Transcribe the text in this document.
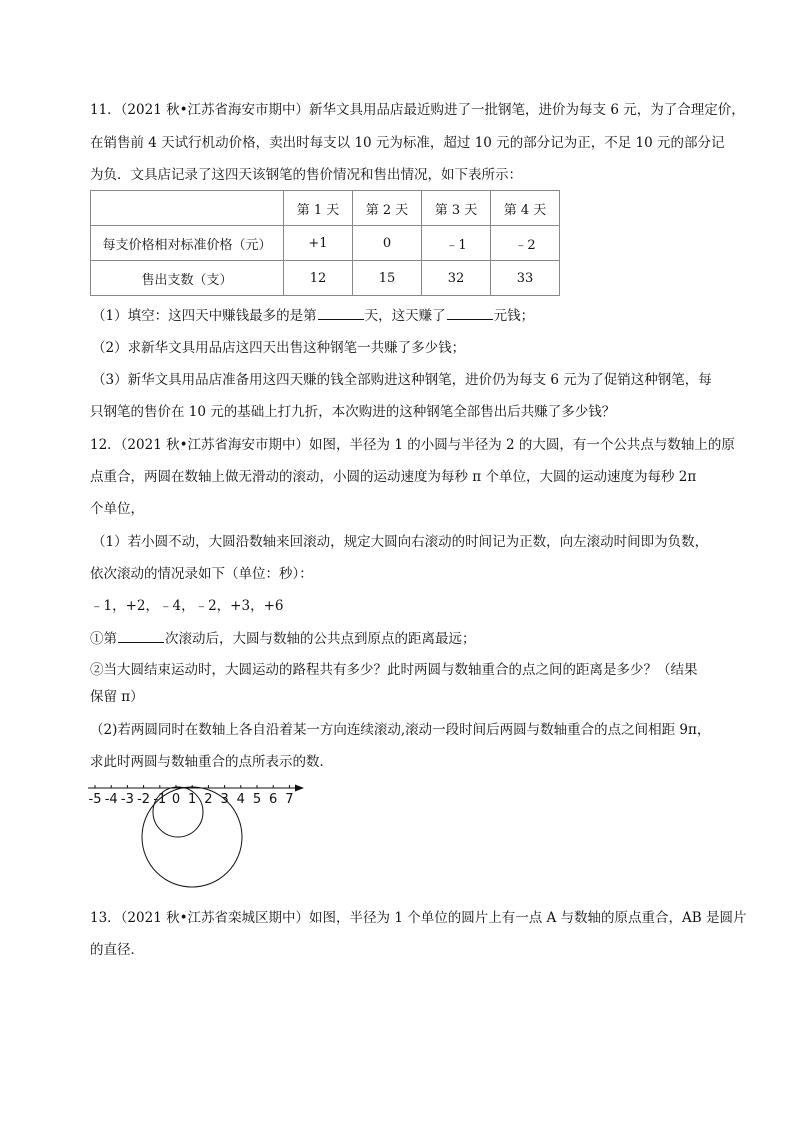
11．（2021 秋•江苏省海安市期中）新华文具用品店最近购进了一批钢笔，进价为每支 6 元，为了合理定价，
在销售前 4 天试行机动价格，卖出时每支以 10 元为标准，超过 10 元的部分记为正，不足 10 元的部分记
为负．文具店记录了这四天该钢笔的售价情况和售出情况，如下表所示：
	第 1 天	第 2 天	第 3 天	第 4 天
每支价格相对标准价格（元）	+1	0	﹣1	﹣2
售出支数（支）	12	15	32	33
（1）填空：这四天中赚钱最多的是第	天，这天赚了	元钱；
（2）求新华文具用品店这四天出售这种钢笔一共赚了多少钱；
（3）新华文具用品店准备用这四天赚的钱全部购进这种钢笔，进价仍为每支 6 元为了促销这种钢笔，每
只钢笔的售价在 10 元的基础上打九折，本次购进的这种钢笔全部售出后共赚了多少钱？
12．（2021 秋•江苏省海安市期中）如图，半径为 1 的小圆与半径为 2 的大圆，有一个公共点与数轴上的原
点重合，两圆在数轴上做无滑动的滚动，小圆的运动速度为每秒 π 个单位，大圆的运动速度为每秒 2π
个单位，
（1）若小圆不动，大圆沿数轴来回滚动，规定大圆向右滚动的时间记为正数，向左滚动时间即为负数，
依次滚动的情况录如下（单位：秒）：
﹣1，+2，﹣4，﹣2，+3，+6
①第	次滚动后，大圆与数轴的公共点到原点的距离最远；
②当大圆结束运动时，大圆运动的路程共有多少？此时两圆与数轴重合的点之间的距离是多少？（结果
保留 π）
（2)若两圆同时在数轴上各自沿着某一方向连续滚动,滚动一段时间后两圆与数轴重合的点之间相距 9π，
求此时两圆与数轴重合的点所表示的数．
-5 -4 -3 -2 -1 0 1 2 3 4 5 6 7
13．（2021 秋•江苏省栾城区期中）如图，半径为 1 个单位的圆片上有一点 A 与数轴的原点重合，AB 是圆片
的直径．
